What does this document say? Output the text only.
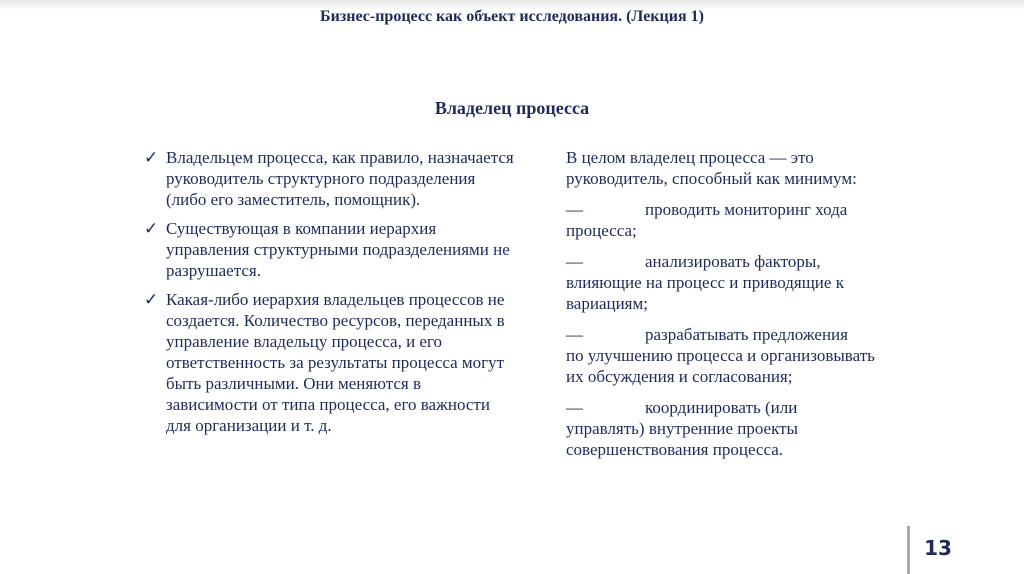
Бизнес-процесс как объект исследования. (Лекция 1)
Владелец процесса
✓ Владельцем процесса, как правило, назначается руководитель структурного подразделения (либо его заместитель, помощник).
✓ Существующая в компании иерархия управления структурными подразделениями не разрушается.
✓ Какая-либо иерархия владельцев процессов не создается. Количество ресурсов, переданных в управление владельцу процесса, и его ответственность за результаты процесса могут быть различными. Они меняются в зависимости от типа процесса, его важности для организации и т. д.
В целом владелец процесса — это руководитель, способный как минимум:
—	проводить мониторинг хода
процесса;
—	анализировать факторы,
влияющие на процесс и приводящие к вариациям;
—	разрабатывать предложения
по улучшению процесса и организовывать их обсуждения и согласования;
—	координировать (или
управлять) внутренние проекты совершенствования процесса.
13
